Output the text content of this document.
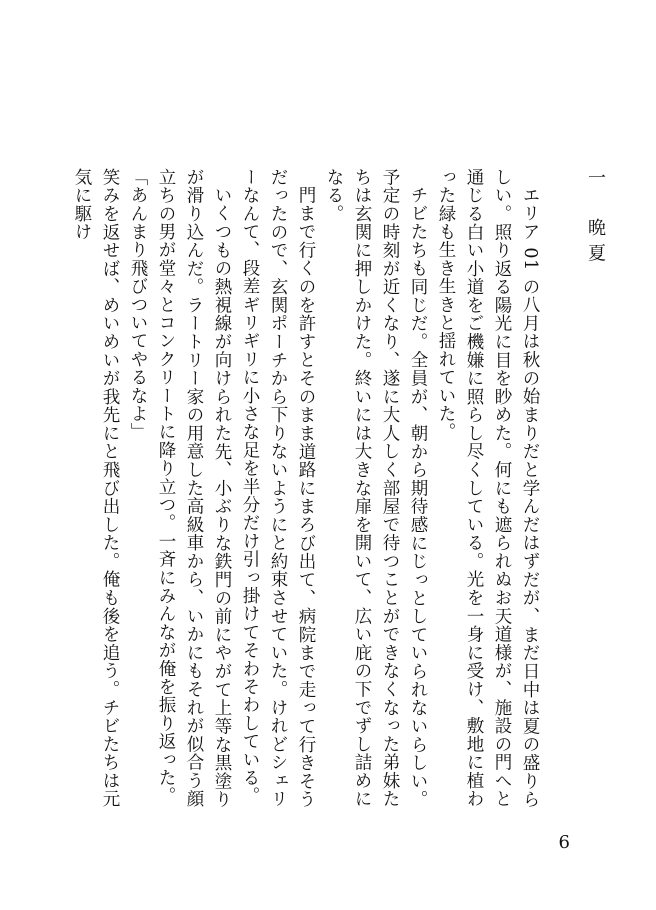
一　晩夏

エリア 01 の八月は秋の始まりだと学んだはずだが、まだ日中は夏の盛りらしい。照り返る陽光に目を眇めた。何にも遮られぬお天道様が、施設の門へと通じる白い小道をご機嫌に照らし尽くしている。光を一身に受け、敷地に植わった緑も生き生きと揺れていた。

チビたちも同じだ。全員が、朝から期待感にじっとしていられないらしい。予定の時刻が近くなり、遂に大人しく部屋で待つことができなくなった弟妹たちは玄関に押しかけた。終いには大きな扉を開いて、広い庇の下でずし詰めになる。

門まで行くのを許すとそのまま道路にまろび出て、病院まで走って行きそうだったので、玄関ポーチから下りないようにと約束させていた。けれどシェリーなんて、段差ギリギリに小さな足を半分だけ引っ掛けてそわそわしている。

いくつもの熱視線が向けられた先、小ぶりな鉄門の前にやがて上等な黒塗りが滑り込んだ。ラートリー家の用意した高級車から、いかにもそれが似合う顔立ちの男が堂々とコンクリートに降り立つ。一斉にみんなが俺を振り返った。

「あんまり飛びついてやるなよ」

笑みを返せば、めいめいが我先にと飛び出した。俺も後を追う。チビたちは元気に駆け

6
